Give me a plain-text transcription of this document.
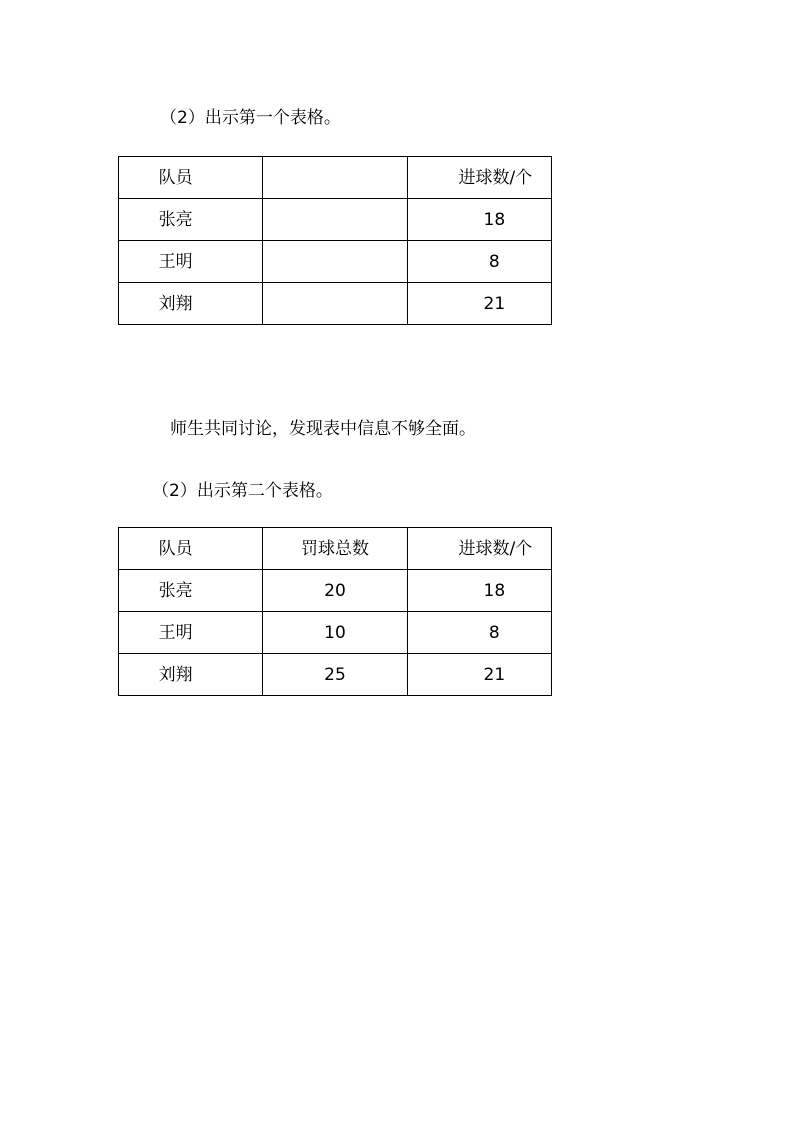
（2）出示第一个表格。
队员		进球数/个
张亮		18
王明		8
刘翔		21
师生共同讨论，发现表中信息不够全面。
（2）出示第二个表格。
队员	罚球总数	进球数/个
张亮	20	18
王明	10	8
刘翔	25	21
